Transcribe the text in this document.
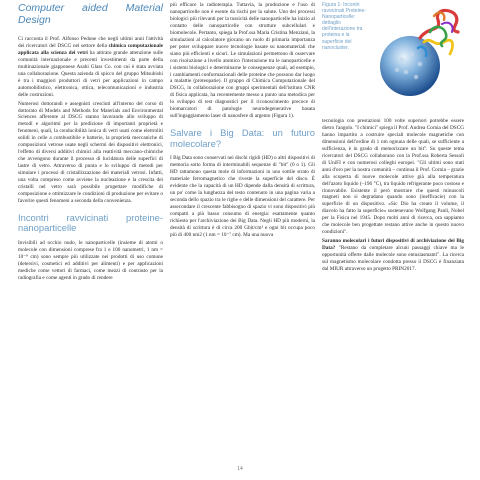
Computer aided Material Design

Ci racconta il Prof. Alfonso Pedone che negli ultimi anni l'attività dei ricercatori del DSCG nel settore della chimica computazionale applicata alla scienza dei vetri ha attirato grande attenzione sulle comunità internazionale e precenti investimenti da parte della multinazionale giapponese Asahi Glass Co. con cui è stata avviata una collaborazione. Questa azienda di spicco del gruppo Mitsubishi è tra i maggiori produttori di vetri per applicazioni in campo automobilistico, elettronica, ottica, telecomunicazioni e industria delle costruzioni.

Numerosi dottorandi e assegnisti cresciuti all'interno del corso di dottorato di Models and Methods for Materials and Environmental Sciences afferente al DSCG stanno lavorando allo sviluppo di metodi e algoritmi per la predizione di importanti proprietà e fenomeni, quali, la conducibilità ionica di vetri usati come elettroliti solidi in celle a combustibile e batterie, la proprietà meccaniche di composizioni vetrose usate negli schermi dei dispositivi elettronici, l'effetto di diversi additivi chimici alla reattività meccano-chimiche che avvengono durante il processo di lucidatura delle superfici di lastre di vetro. Attraverso di punta e lo sviluppo di metodi per simulare i processi di cristallizzazione dei materiali vetrosi. Infatti, una volta compreso come avviene la nucleazione e la crescita dei cristalli nel vetro sarà possibile progettare modifiche di composizione e ottimizzare le condizioni di produzione per evitare o favorire questi fenomeni a seconda della convenienza.

Incontri ravvicinati proteine-nanoparticelle

Invisibili ad occhio nudo, le nanoparticelle (insieme di atomi o molecole con dimensioni comprese fra 1 e 100 nanometri, 1 nm = 10⁻⁹ cm) sono sempre più utilizzate nei prodotti di uso comune (detersivi, cosmetici ed additivi per alimenti) e per applicazioni mediche come vettori di farmaci, come mezzi di contrasto per la radiografia e come agenti in grado di rendere

più efficace la radioterapia. Tuttavia, la produzione e l'uso di nanoparticelle non è esente da rischi per la salute. Uno dei processi biologici più rilevanti per la tossicità delle nanoparticelle ha inizio al contatto delle nanoparticelle con strutture subcellulari e biomolecole. Pertanto, spiega la Prof.ssa Maria Cristina Menziani, la simulazioni al calcolatore giocano un ruolo di primaria importanza per poter sviluppare nuove tecnologie basate su nanomateriali che siano più efficienti e sicuri. Le simulazioni permettono di osservare con risoluzione a livello atomico l'interazione tra le nanoparticelle e i sistemi biologici e determinarne le conseguenze quali, ad esempio, i cambiamenti conformazionali delle proteine che possono dar luogo a malattie (proteopatie). Il gruppo di Chimica Computazionale del DSCG, in collaborazione con gruppi sperimentali dell'istituto CNR di fisica applicata, ha recentemente messo a punto una metodica per lo sviluppo di test diagnostici per il riconoscimento precoce di biomarcatori di patologie neurodegenerative basata sull'ingaggiamento laser di nanosfere di argento (Figura 1).

Salvare i Big Data: un futuro molecolare?

I Big Data sono conservati nei dischi rigidi (HD) o altri dispositivi di memoria sotto forma di interminabili sequenze di "bit" (0 o 1). Gli HD rattamono questa mole di informazioni in uno sottile strato di materiale ferromagnetico che riveste la superficie del disco. È evidente che la capacità di un HD dipende dalla densità di scrittura, un po' come la lunghezza del testo contenuto in una pagina varia a seconda dello spazio tra le righe e delle dimensioni del carattere. Per assecondare il crescente fabbisogno di spazio vi sono dispositivi più compatti a più basso consumo di energia: esattamente quanto richiesto per l'archiviazione dei Big Data. Negli HD più moderni, la densità di scrittura è di circa 200 Gbit/cm² e ogni bit occupa poco più di 400 nm2 (1 nm = 10⁻⁷ cm). Ma una nuova

Figura 1: Incontri ravvicinati Proteine-Nanoparticelle: dettaglio dell'interazione tra proteina e la superficie del nanocluster.

tecnologia con prestazioni 100 volte superiori potrebbe essere dietro l'angolo. "I chimici" spiega il Prof. Andrea Cornia del DSCG hanno impartito a costruire speciali molecole magnetiche con dimensioni dell'ordine di 1 nm ognuna delle quali, se sufficiente a sufficienza, è in grado di memorizzare un bit". Su queste tema ricercatori del DSCG collaborano con la Prof.ssa Roberta Sessoli di UniFI e con numerosi colleghi europei. "Gli ultimi sono stati anni d'oro per la nostra comunità – continua il Prof. Cornia – grazie alla scoperta di nuove molecole attive già alla temperatura dell'azoto liquido (–196 °C), tra liquido refrigerante poco costoso e rinnovabile. Esistente il però mostrare che questi minuscoli magneti non si degradano quando sono (inefficacie) con la superficie di un dispositivo. «Sic Dio ha creato il volume, il diavolo ha fatto la superficie» sostenevano Wolfgang Pauli, Nobel per la Fisica nel 1945. Dopo molti anni di ricerca, ora sappiamo che molecole ben progettate restano attive anche in questo nuovo condizioni".

Saranno molecolari i futuri dispositivi di archiviazione dei Big Data? "Restano da completare alcuni passaggi chiave ma le opportunità offerte dalle molecole sono entusiasmanti". La ricerca sul magnetismo molecolare condotta presso il DSCG è finanziata dal MIUR attraverso un progetto PRIN2017.

14
